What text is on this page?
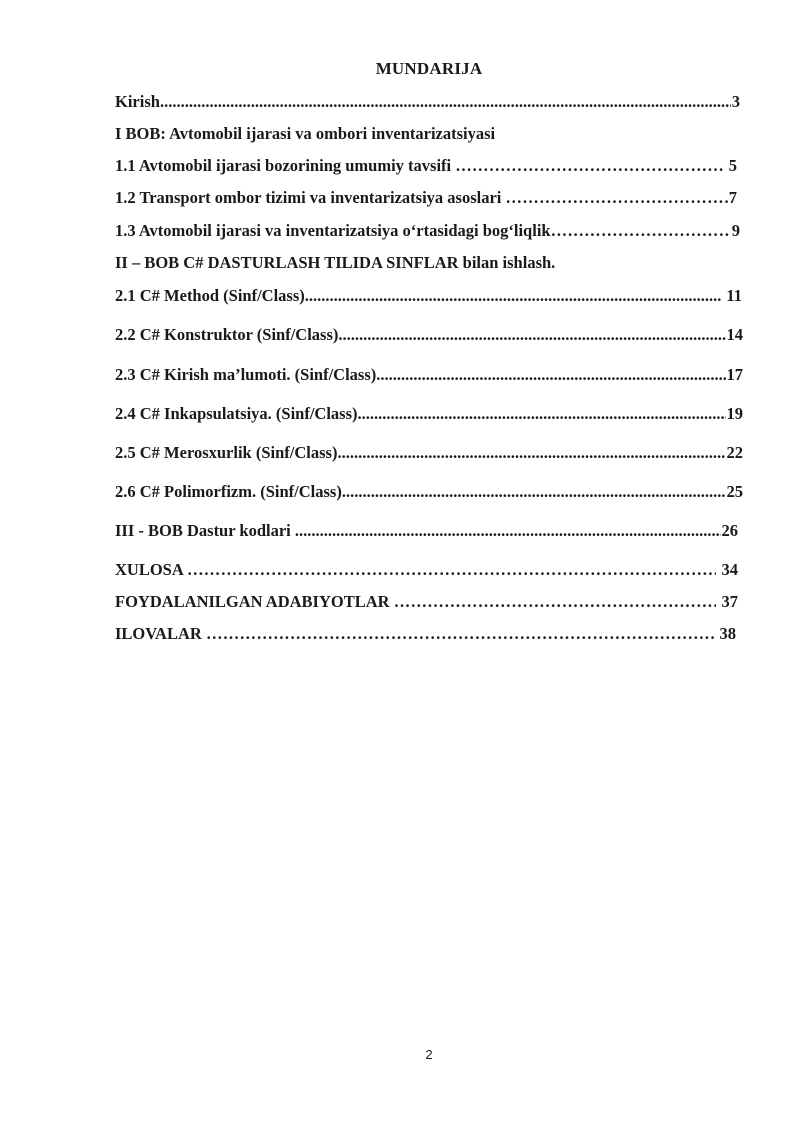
MUNDARIJA
Kirish .....	3
I BOB: Avtomobil ijarasi va ombori inventarizatsiyasi
1.1 Avtomobil ijarasi bozorining umumiy tavsifi …………………………………………………………………………………………………………………………………………………………………………	5
1.2 Transport ombor tizimi va inventarizatsiya asoslari …………………………………………………………………………………………………………………………………………………………………………	7
1.3 Avtomobil ijarasi va inventarizatsiya o‘rtasidagi bog‘liqlik …………………………………………………………………………………………………………………………………………………………………………	9
II – BOB C# DASTURLASH TILIDA SINFLAR bilan ishlash.
2.1 C# Method (Sinf/Class) .....	11
2.2 C# Konstruktor (Sinf/Class) .....	14
2.3 C# Kirish ma’lumoti. (Sinf/Class) .....	17
2.4 C# Inkapsulatsiya. (Sinf/Class) .....	19
2.5 C# Merosxurlik (Sinf/Class) .....	22
2.6 C# Polimorfizm. (Sinf/Class) .....	25
III - BOB Dastur kodlari .....	26
XULOSA …………………………………………………………………………………………………………………………………………………………………………	34
FOYDALANILGAN ADABIYOTLAR …………………………………………………………………………………………………………………………………………………………………………	37
ILOVALAR …………………………………………………………………………………………………………………………………………………………………………	38
2
